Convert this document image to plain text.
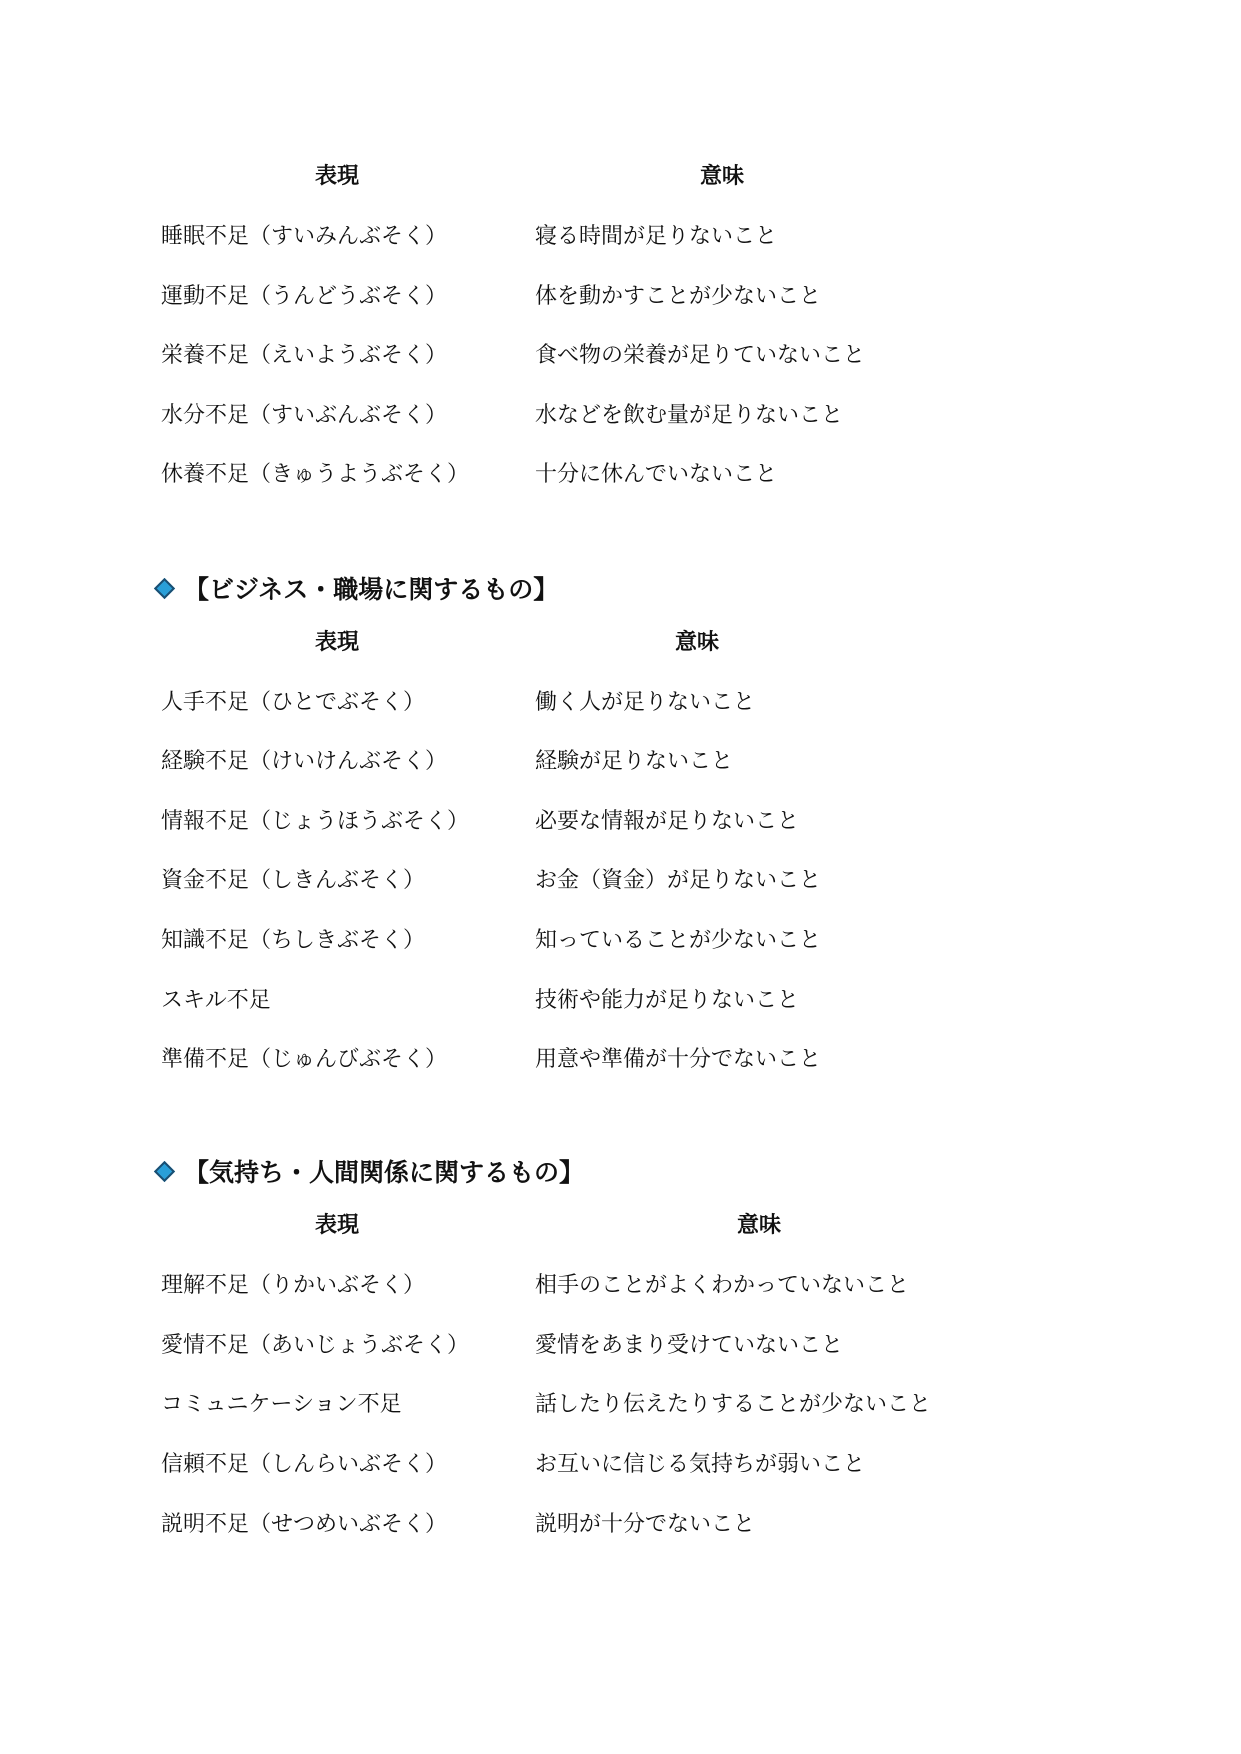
表現	意味
睡眠不足（すいみんぶそく）	寝る時間が足りないこと
運動不足（うんどうぶそく）	体を動かすことが少ないこと
栄養不足（えいようぶそく）	食べ物の栄養が足りていないこと
水分不足（すいぶんぶそく）	水などを飲む量が足りないこと
休養不足（きゅうようぶそく）	十分に休んでいないこと
【ビジネス・職場に関するもの】
表現	意味
人手不足（ひとでぶそく）	働く人が足りないこと
経験不足（けいけんぶそく）	経験が足りないこと
情報不足（じょうほうぶそく）	必要な情報が足りないこと
資金不足（しきんぶそく）	お金（資金）が足りないこと
知識不足（ちしきぶそく）	知っていることが少ないこと
スキル不足	技術や能力が足りないこと
準備不足（じゅんびぶそく）	用意や準備が十分でないこと
【気持ち・人間関係に関するもの】
表現	意味
理解不足（りかいぶそく）	相手のことがよくわかっていないこと
愛情不足（あいじょうぶそく）	愛情をあまり受けていないこと
コミュニケーション不足	話したり伝えたりすることが少ないこと
信頼不足（しんらいぶそく）	お互いに信じる気持ちが弱いこと
説明不足（せつめいぶそく）	説明が十分でないこと
